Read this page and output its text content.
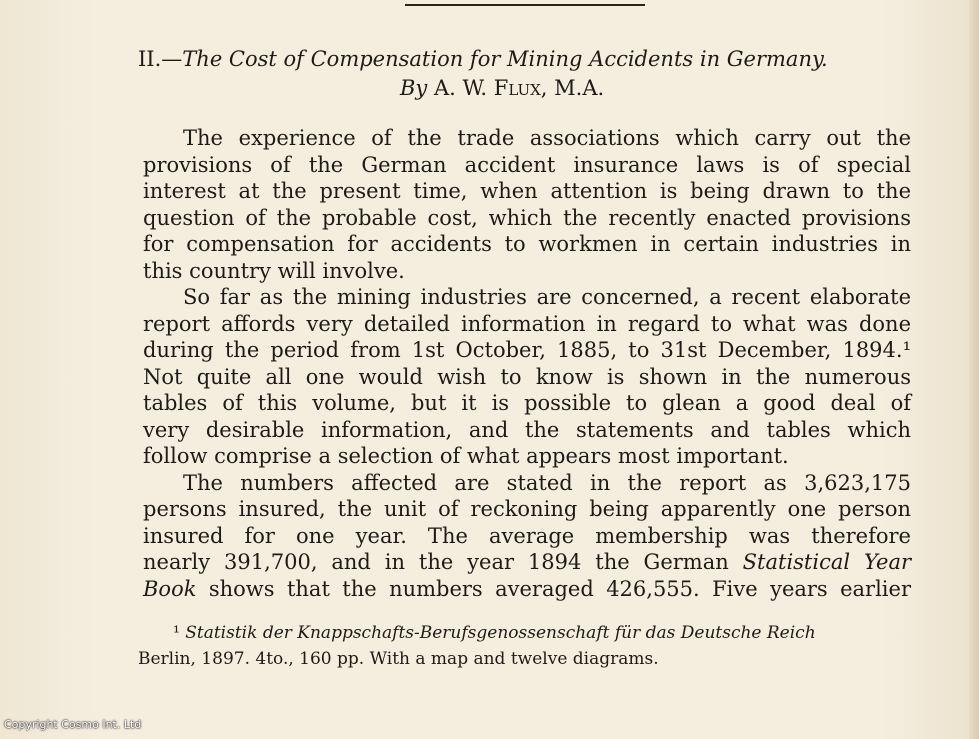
II.—The Cost of Compensation for Mining Accidents in Germany.
By A. W. Flux, M.A.
The experience of the trade associations which carry out the
provisions of the German accident insurance laws is of special
interest at the present time, when attention is being drawn to the
question of the probable cost, which the recently enacted provisions
for compensation for accidents to workmen in certain industries in
this country will involve.
So far as the mining industries are concerned, a recent elaborate
report affords very detailed information in regard to what was done
during the period from 1st October, 1885, to 31st December, 1894.¹
Not quite all one would wish to know is shown in the numerous
tables of this volume, but it is possible to glean a good deal of
very desirable information, and the statements and tables which
follow comprise a selection of what appears most important.
The numbers affected are stated in the report as 3,623,175
persons insured, the unit of reckoning being apparently one person
insured for one year. The average membership was therefore
nearly 391,700, and in the year 1894 the German Statistical Year
Book shows that the numbers averaged 426,555. Five years earlier
¹ Statistik der Knappschafts-Berufsgenossenschaft für das Deutsche Reich
Berlin, 1897. 4to., 160 pp. With a map and twelve diagrams.
Copyright Cosmo Int. Ltd
